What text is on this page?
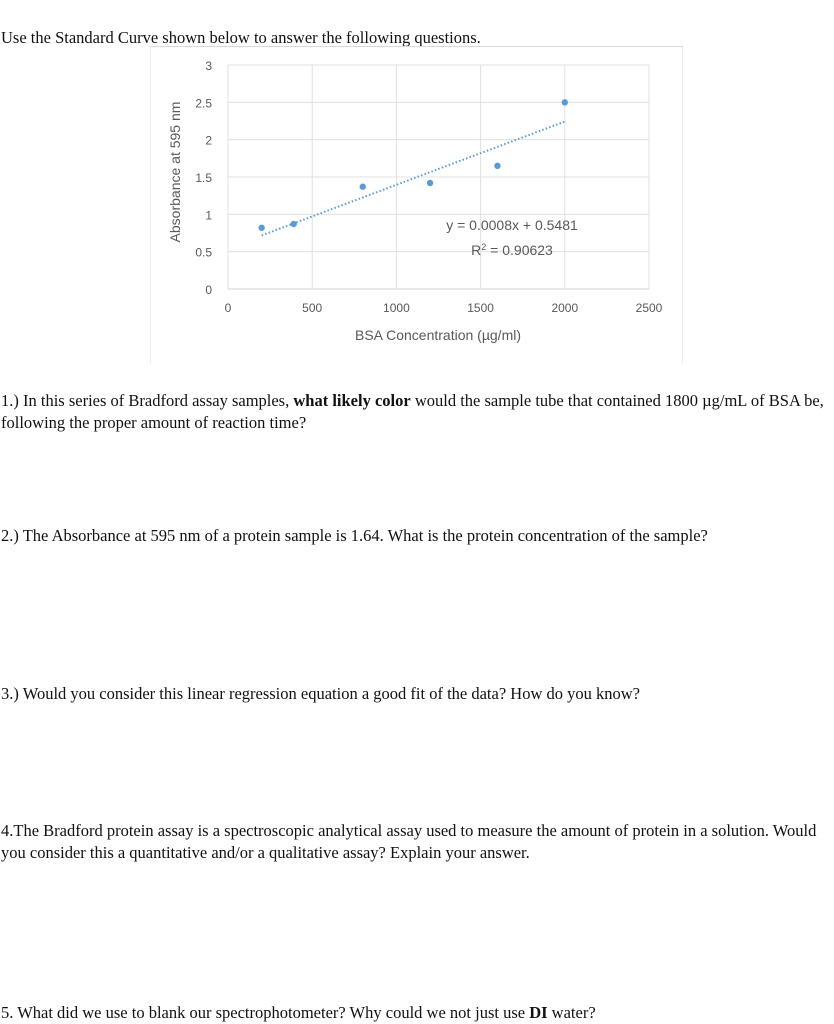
Use the Standard Curve shown below to answer the following questions.

0	500	1000	1500	2000	2500
0
0.5
1
1.5
2
2.5
3
y = 0.0008x + 0.5481
$R^2 = 0.90623$
BSA Concentration (µg/ml)
Absorbance at 595 nm

1.) In this series of Bradford assay samples, what likely color would the sample tube that contained 1800 µg/mL of BSA be, following the proper amount of reaction time?

2.) The Absorbance at 595 nm of a protein sample is 1.64. What is the protein concentration of the sample?

3.) Would you consider this linear regression equation a good fit of the data? How do you know?

4.The Bradford protein assay is a spectroscopic analytical assay used to measure the amount of protein in a solution. Would you consider this a quantitative and/or a qualitative assay? Explain your answer.

5. What did we use to blank our spectrophotometer? Why could we not just use DI water?
